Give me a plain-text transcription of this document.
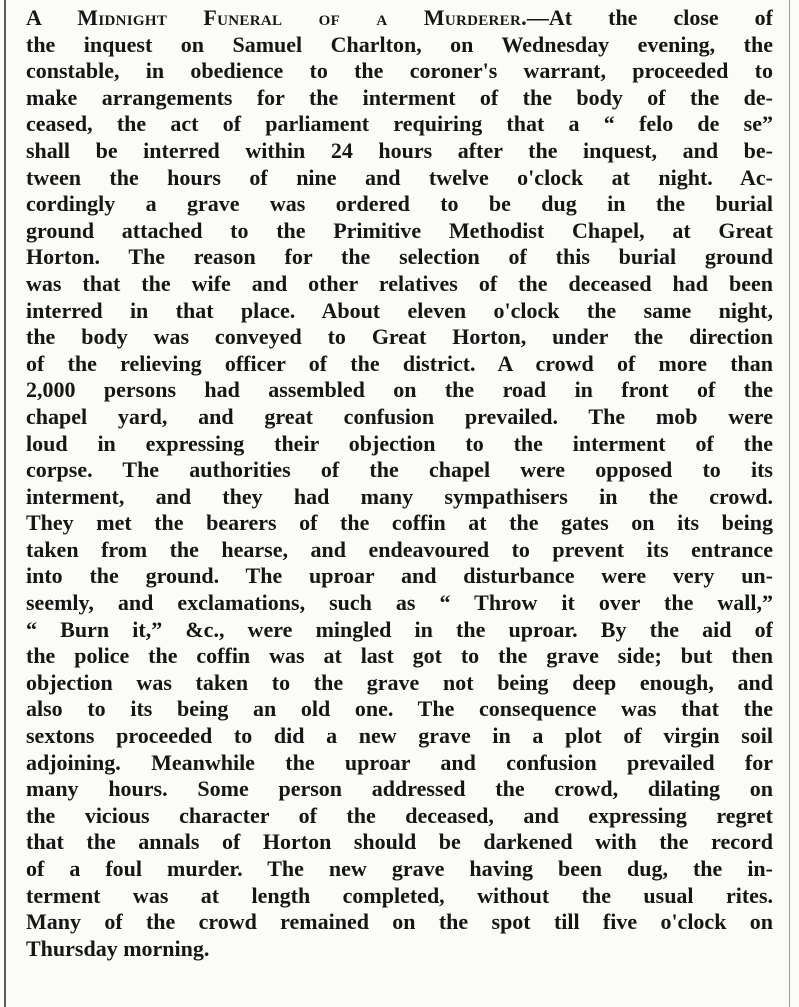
A Midnight Funeral of a Murderer.—At the close of
the inquest on Samuel Charlton, on Wednesday evening, the
constable, in obedience to the coroner's warrant, proceeded to
make arrangements for the interment of the body of the de-
ceased, the act of parliament requiring that a “ felo de se”
shall be interred within 24 hours after the inquest, and be-
tween the hours of nine and twelve o'clock at night. Ac-
cordingly a grave was ordered to be dug in the burial
ground attached to the Primitive Methodist Chapel, at Great
Horton. The reason for the selection of this burial ground
was that the wife and other relatives of the deceased had been
interred in that place. About eleven o'clock the same night,
the body was conveyed to Great Horton, under the direction
of the relieving officer of the district. A crowd of more than
2,000 persons had assembled on the road in front of the
chapel yard, and great confusion prevailed. The mob were
loud in expressing their objection to the interment of the
corpse. The authorities of the chapel were opposed to its
interment, and they had many sympathisers in the crowd.
They met the bearers of the coffin at the gates on its being
taken from the hearse, and endeavoured to prevent its entrance
into the ground. The uproar and disturbance were very un-
seemly, and exclamations, such as “ Throw it over the wall,”
“ Burn it,” &c., were mingled in the uproar. By the aid of
the police the coffin was at last got to the grave side; but then
objection was taken to the grave not being deep enough, and
also to its being an old one. The consequence was that the
sextons proceeded to did a new grave in a plot of virgin soil
adjoining. Meanwhile the uproar and confusion prevailed for
many hours. Some person addressed the crowd, dilating on
the vicious character of the deceased, and expressing regret
that the annals of Horton should be darkened with the record
of a foul murder. The new grave having been dug, the in-
terment was at length completed, without the usual rites.
Many of the crowd remained on the spot till five o'clock on
Thursday morning.
